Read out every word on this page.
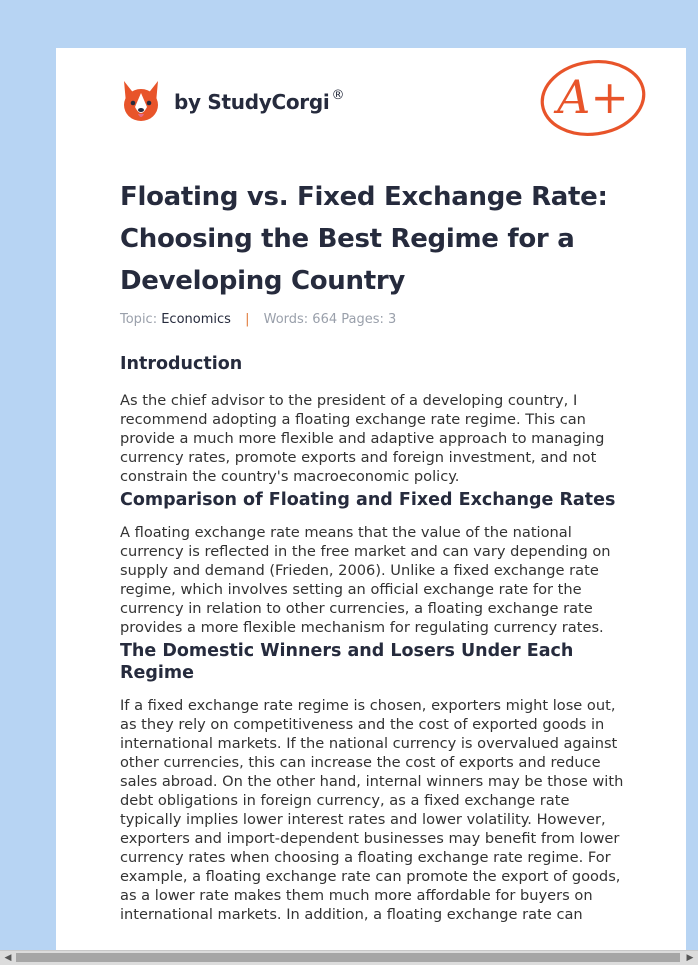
by StudyCorgi ®	A+
Floating vs. Fixed Exchange Rate: Choosing the Best Regime for a Developing Country
Topic: Economics | Words: 664 Pages: 3
Introduction

As the chief advisor to the president of a developing country, I recommend adopting a floating exchange rate regime. This can provide a much more flexible and adaptive approach to managing currency rates, promote exports and foreign investment, and not constrain the country's macroeconomic policy.

Comparison of Floating and Fixed Exchange Rates

A floating exchange rate means that the value of the national currency is reflected in the free market and can vary depending on supply and demand (Frieden, 2006). Unlike a fixed exchange rate regime, which involves setting an official exchange rate for the currency in relation to other currencies, a floating exchange rate provides a more flexible mechanism for regulating currency rates.

The Domestic Winners and Losers Under Each Regime

If a fixed exchange rate regime is chosen, exporters might lose out, as they rely on competitiveness and the cost of exported goods in international markets. If the national currency is overvalued against other currencies, this can increase the cost of exports and reduce sales abroad. On the other hand, internal winners may be those with debt obligations in foreign currency, as a fixed exchange rate typically implies lower interest rates and lower volatility. However, exporters and import-dependent businesses may benefit from lower currency rates when choosing a floating exchange rate regime. For example, a floating exchange rate can promote the export of goods, as a lower rate makes them much more affordable for buyers on international markets. In addition, a floating exchange rate can

◀	▶
